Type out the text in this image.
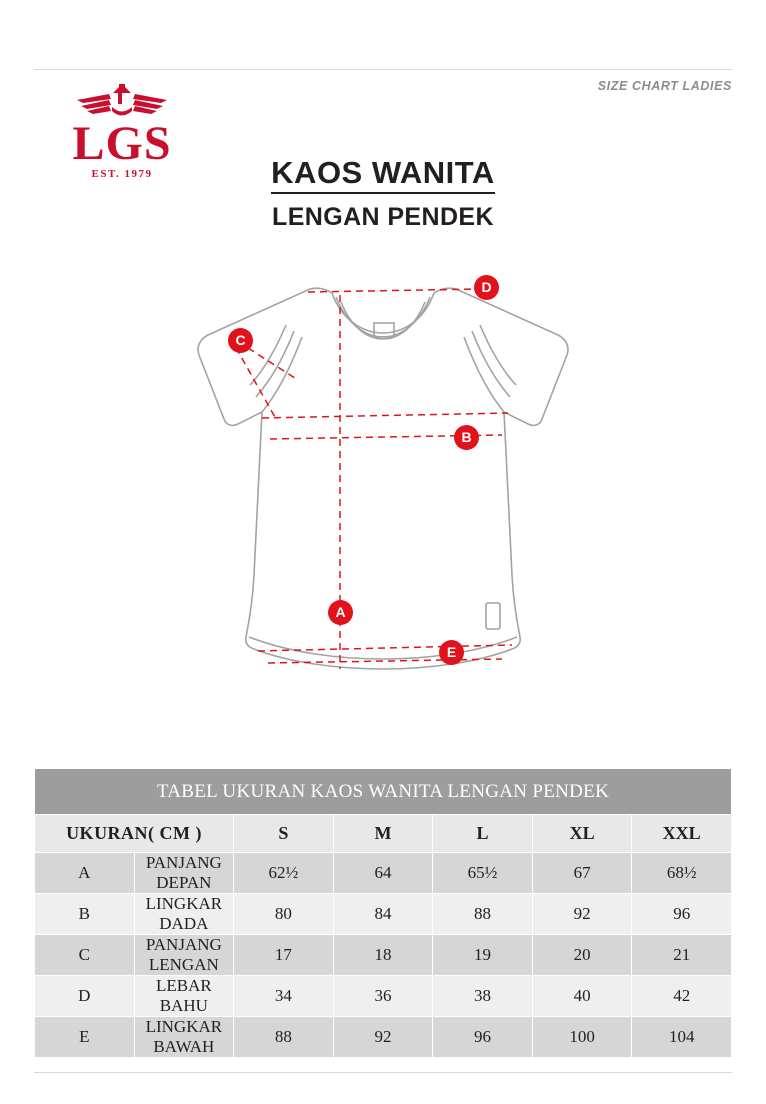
SIZE CHART LADIES
LGS
EST. 1979	KAOS WANITA
LENGAN PENDEK
D
C
B
A
E
TABEL UKURAN KAOS WANITA LENGAN PENDEK						
UKURAN( CM )		S	M	L	XL	XXL
A	PANJANG DEPAN	62½	64	65½	67	68½
B	LINGKAR DADA	80	84	88	92	96
C	PANJANG LENGAN	17	18	19	20	21
D	LEBAR BAHU	34	36	38	40	42
E	LINGKAR BAWAH	88	92	96	100	104
